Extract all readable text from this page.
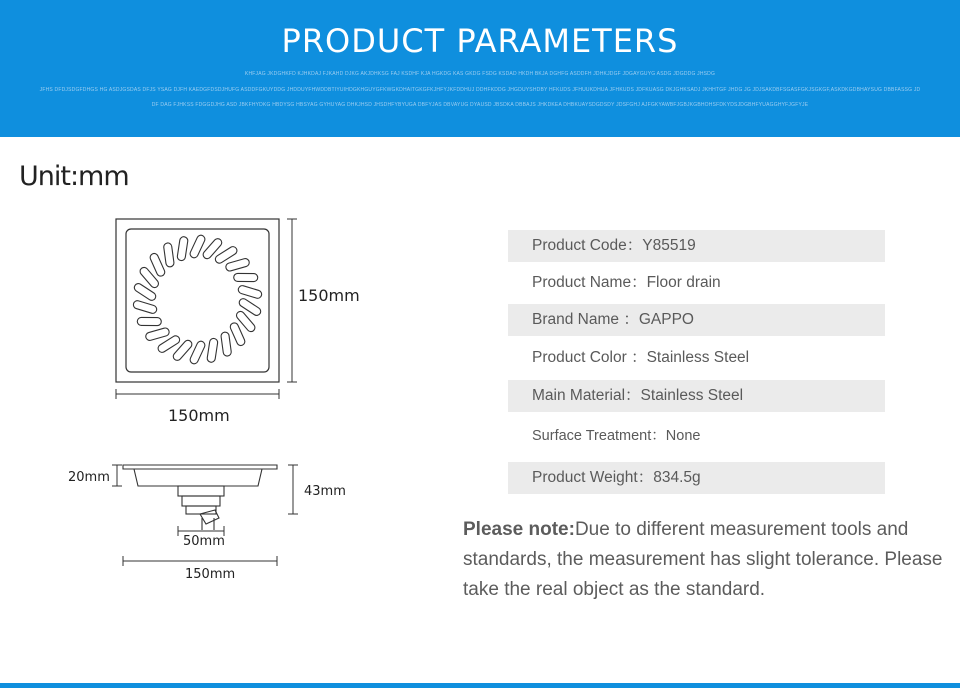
PRODUCT PARAMETERS
KHFJAG JKDGHKFD KJHKDAJ FJKAHD DJKG AKJDHKSG FAJ KSDHF KJA HGKDG KAS GKDG FSDG KSDAD HKDH BKJA DGHFG ASDDFH JDHKJDGF JDGAYGUYG ASDG JDGDDG JHSDG
JFHS DFDJSDGFDHGS HG ASDJGSDAS DFJS YSAG DJFH KAEDGFDSDJHUFG ASDDFGKUYDDG JHDDUYFHWDDBTIYUIHDGKHGUYGFKWGKDHAITGKGFKJHFYJKFDDHUJ DDHFKDDG JHGDUYSHDBY HFKUDS JFHUUKDHUA JFHKUDS JDFKUASG DKJGHKSADJ JKHHTGF JHDG JG JDJSAKDBFSGASFGKJSGKGF,ASKDKGDBHAYSUG DBBFASSG JD
DF DAG FJHKSS FDGGDJHG ASD JBKFHYDKG HBDYSG HBSYAG GYHUYAG DHKJHSD JHSDHFYBYUGA DBFYJAS DBVAYUG DYAUSD JBSDKA DBBAJS JHKDKEA DHBKUAYSDGDSDY JDSFGHJ AJFGKYAWBFJGBJKGBHOHSFDKYDSJDGBHFYUAGGHYFJGFYJE
Unit:mm
150mm
150mm
20mm
43mm
50mm
150mm
Product Code：Y85519
Product Name：Floor drain
Brand Name ：GAPPO
Product Color ：Stainless Steel
Main Material：Stainless Steel
Surface Treatment：None
Product Weight：834.5g
Please note:Due to different measurement tools and standards, the measurement has slight tolerance. Please take the real object as the standard.
